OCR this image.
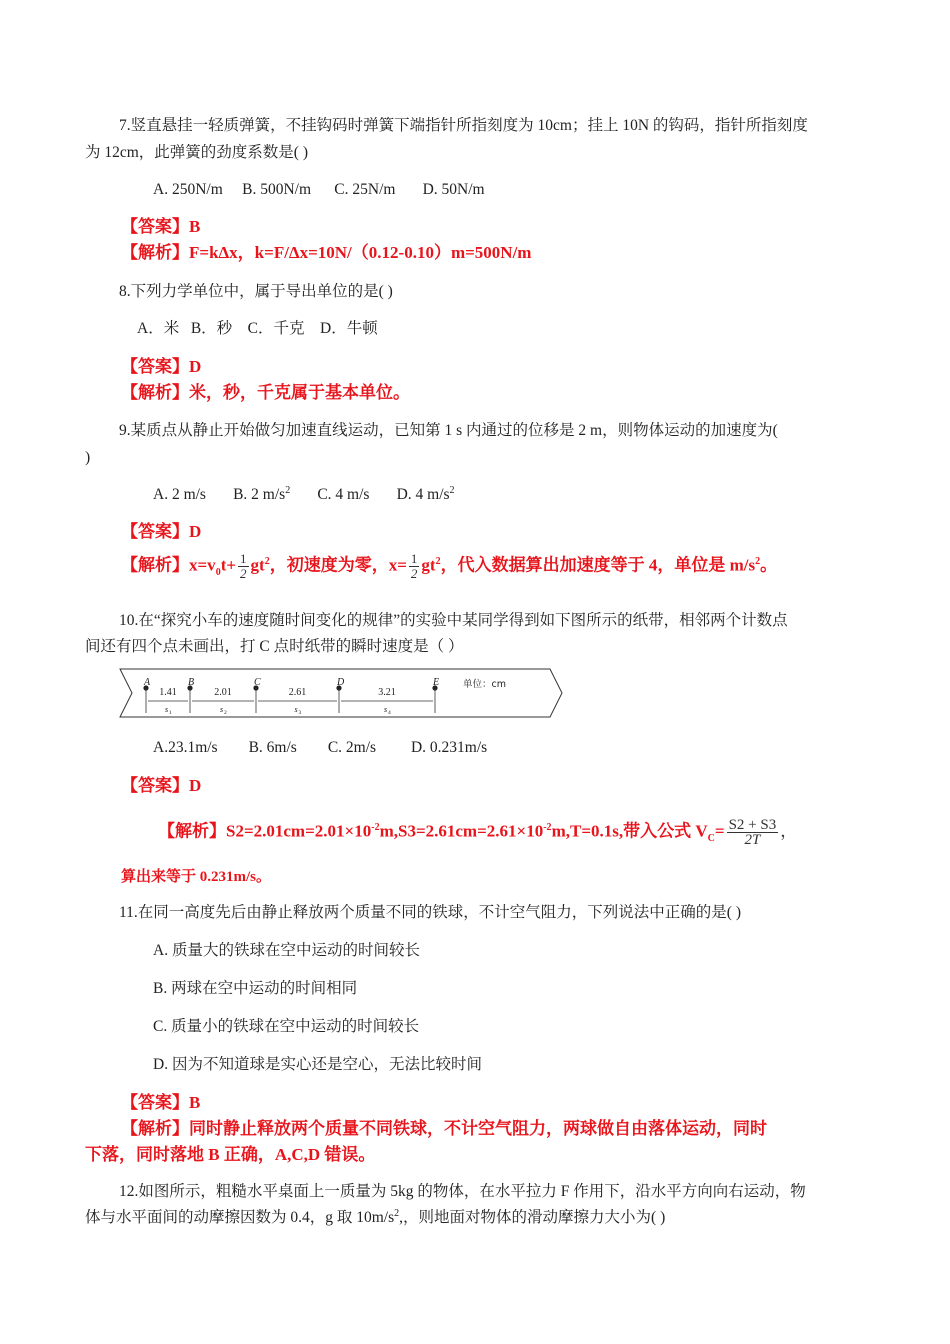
7.竖直悬挂一轻质弹簧，不挂钩码时弹簧下端指针所指刻度为 10cm；挂上 10N 的钩码，指针所指刻度
为 12cm，此弹簧的劲度系数是( )
A. 250N/m B. 500N/m C. 25N/m D. 50N/m
【答案】B
【解析】F=kΔx，k=F/Δx=10N/（0.12-0.10）m=500N/m
8.下列力学单位中，属于导出单位的是( )
A．米 B．秒 C．千克 D．牛顿
【答案】D
【解析】米，秒，千克属于基本单位。
9.某质点从静止开始做匀加速直线运动，已知第 1 s 内通过的位移是 2 m，则物体运动的加速度为(
)
A. 2 m/s B. 2 $m/s^2$ C. 4 m/s D. 4 $m/s^2$
【答案】D
【解析】$x=v_0t+ \frac{1}{2} gt^2$，初速度为零，$x= \frac{1}{2} gt^2$，代入数据算出加速度等于 4，单位是 $m/s^2$。
10.在“探究小车的速度随时间变化的规律”的实验中某同学得到如下图所示的纸带，相邻两个计数点
间还有四个点未画出，打 C 点时纸带的瞬时速度是（ ）
A	B	C	D	E
1.41
s 1
2.01
s 2
2.61
s 3
3.21
s 4
单位：cm
A.23.1m/s B. 6m/s C. 2m/s D. 0.231m/s
【答案】D
【解析】$S2=2.01cm=2.01\times 10^{-2}m,S3=2.61cm=2.61\times 10^{-2}m,T=0.1s$,带入公式 $V_C= \frac{S2 + S3}{2T}$ ，
算出来等于 0.231m/s。
11.在同一高度先后由静止释放两个质量不同的铁球，不计空气阻力，下列说法中正确的是( )
A. 质量大的铁球在空中运动的时间较长
B. 两球在空中运动的时间相同
C. 质量小的铁球在空中运动的时间较长
D. 因为不知道球是实心还是空心，无法比较时间
【答案】B
【解析】同时静止释放两个质量不同铁球，不计空气阻力，两球做自由落体运动，同时
下落，同时落地 B 正确，A,C,D 错误。
12.如图所示，粗糙水平桌面上一质量为 5kg 的物体，在水平拉力 F 作用下，沿水平方向向右运动，物
体与水平面间的动摩擦因数为 0.4，g 取 $10m/s^2$,，则地面对物体的滑动摩擦力大小为( )
